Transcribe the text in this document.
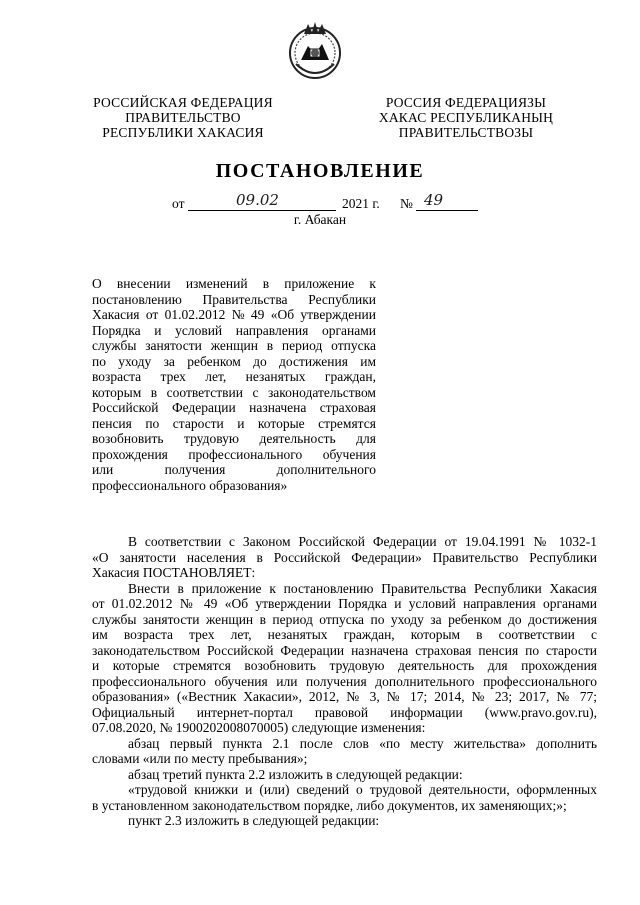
РОССИЙСКАЯ ФЕДЕРАЦИЯ
ПРАВИТЕЛЬСТВО
РЕСПУБЛИКИ ХАКАСИЯ
РОССИЯ ФЕДЕРАЦИЯЗЫ
ХАКАС РЕСПУБЛИКАНЫҢ
ПРАВИТЕЛЬСТВОЗЫ
ПОСТАНОВЛЕНИЕ
от	09.02	2021 г. № 49
г. Абакан
О внесении изменений в приложение к
постановлению Правительства Республики
Хакасия от 01.02.2012 № 49 «Об утверждении
Порядка и условий направления органами
службы занятости женщин в период отпуска
по уходу за ребенком до достижения им
возраста трех лет, незанятых граждан,
которым в соответствии с законодательством
Российской Федерации назначена страховая
пенсия по старости и которые стремятся
возобновить трудовую деятельность для
прохождения профессионального обучения
или	получения	дополнительного
профессионального образования»
В соответствии с Законом Российской Федерации от 19.04.1991 № 1032-1
«О занятости населения в Российской Федерации» Правительство Республики
Хакасия ПОСТАНОВЛЯЕТ:
Внести в приложение к постановлению Правительства Республики Хакасия
от 01.02.2012 № 49 «Об утверждении Порядка и условий направления органами
службы занятости женщин в период отпуска по уходу за ребенком до достижения
им возраста трех лет, незанятых граждан, которым в соответствии с
законодательством Российской Федерации назначена страховая пенсия по старости
и которые стремятся возобновить трудовую деятельность для прохождения
профессионального обучения или получения дополнительного профессионального
образования» («Вестник Хакасии», 2012, № 3, № 17; 2014, № 23; 2017, № 77;
Официальный интернет-портал правовой информации (www.pravo.gov.ru),
07.08.2020, № 1900202008070005) следующие изменения:
абзац первый пункта 2.1 после слов «по месту жительства» дополнить
словами «или по месту пребывания»;
абзац третий пункта 2.2 изложить в следующей редакции:
«трудовой книжки и (или) сведений о трудовой деятельности, оформленных
в установленном законодательством порядке, либо документов, их заменяющих;»;
пункт 2.3 изложить в следующей редакции:
